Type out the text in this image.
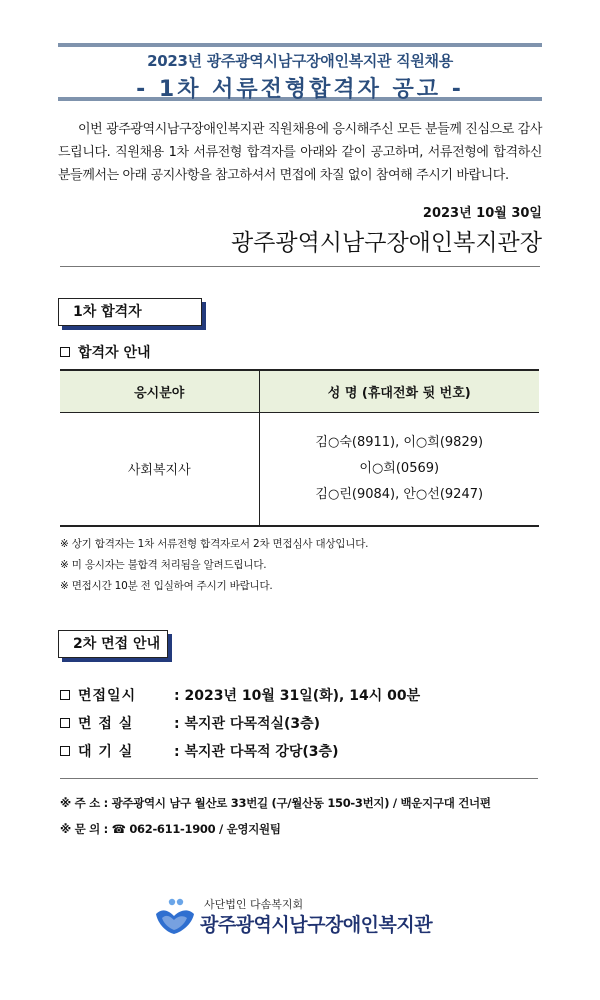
2023년 광주광역시남구장애인복지관 직원채용
- 1차 서류전형합격자 공고 -

이번 광주광역시남구장애인복지관 직원채용에 응시해주신 모든 분들께 진심으로 감사드립니다. 직원채용 1차 서류전형 합격자를 아래와 같이 공고하며, 서류전형에 합격하신 분들께서는 아래 공지사항을 참고하셔서 면접에 차질 없이 참여해 주시기 바랍니다.

2023년 10월 30일
광주광역시남구장애인복지관장
1차 합격자
합격자 안내
응시분야	성 명 (휴대전화 뒷 번호)
사회복지사	김○숙(8911), 이○희(9829)
이○희(0569)
김○린(9084), 안○선(9247)
※ 상기 합격자는 1차 서류전형 합격자로서 2차 면접심사 대상입니다.
※ 미 응시자는 불합격 처리됨을 알려드립니다.
※ 면접시간 10분 전 입실하여 주시기 바랍니다.
2차 면접 안내
면접일시	: 2023년 10월 31일(화), 14시 00분
면 접 실	: 복지관 다목적실(3층)
대 기 실	: 복지관 다목적 강당(3층)
※ 주 소 : 광주광역시 남구 월산로 33번길 (구/월산동 150-3번지) / 백운지구대 건너편
※ 문 의 : ☎ 062-611-1900 / 운영지원팀
사단법인 다솜복지회
광주광역시남구장애인복지관
